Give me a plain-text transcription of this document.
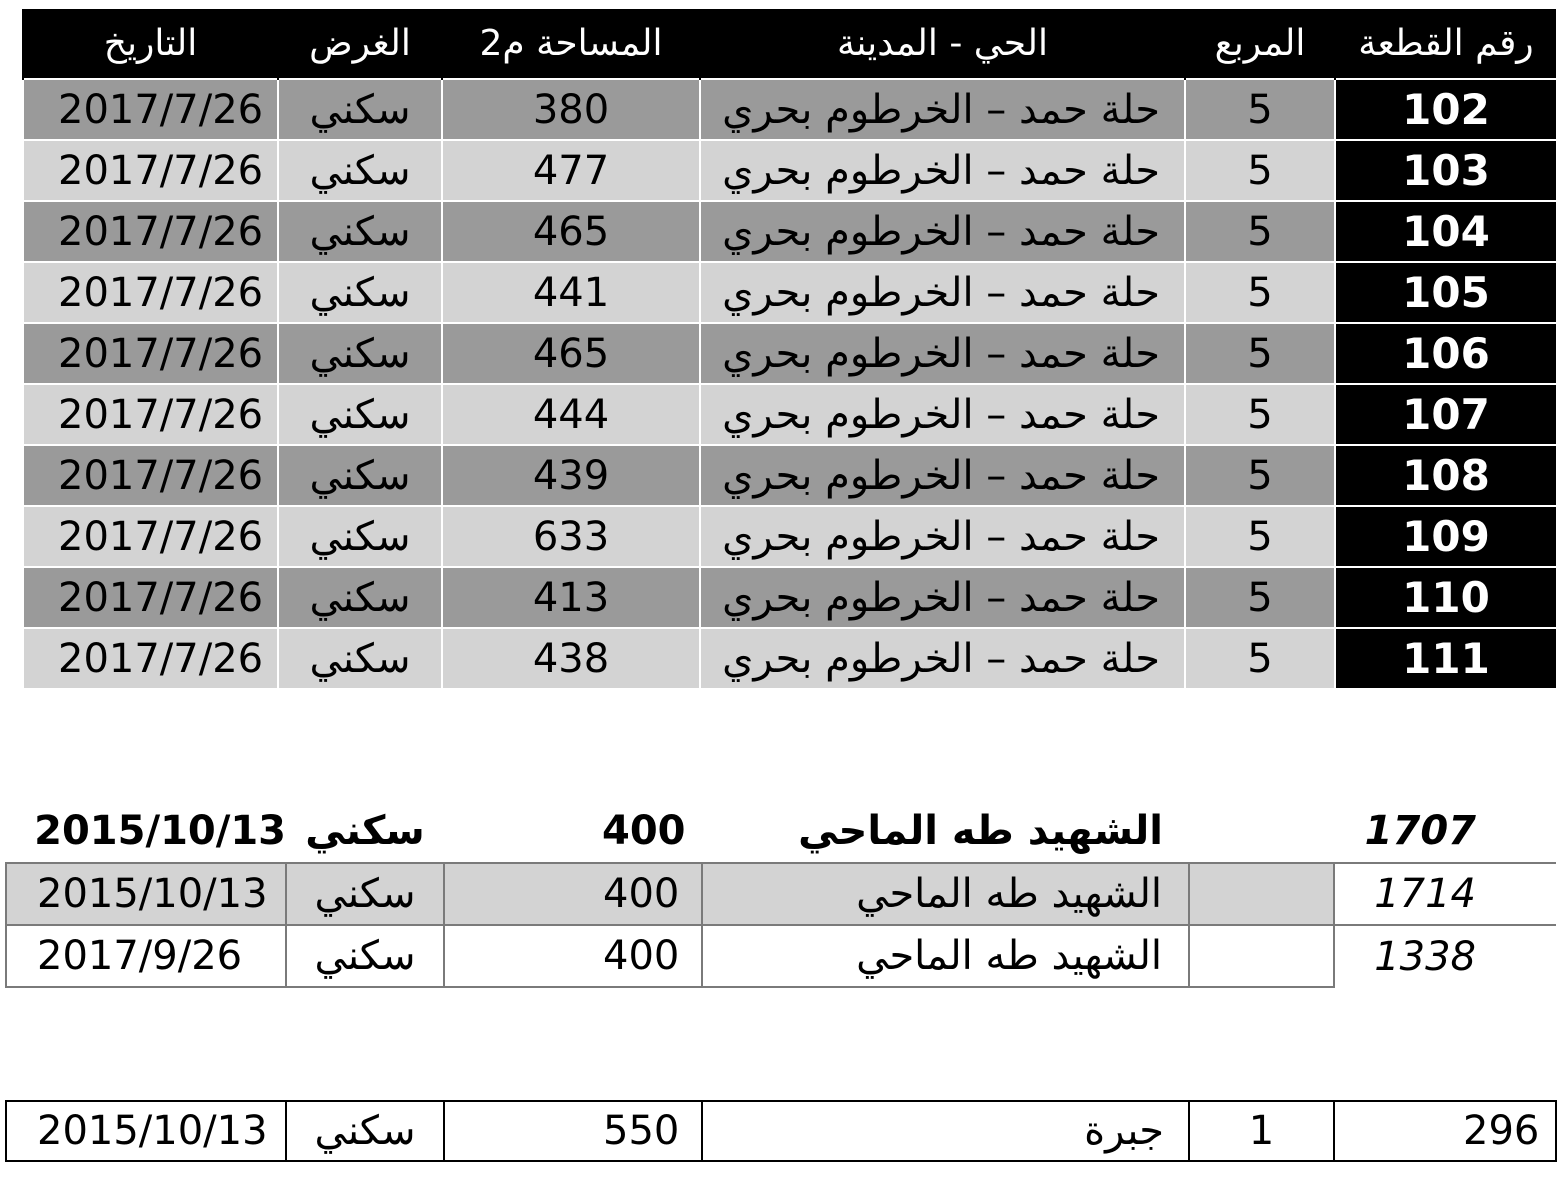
رقم القطعة	المربع	الحي - المدينة	المساحة م2	الغرض	التاريخ
102	5	حلة حمد – الخرطوم بحري	380	سكني	2017/7/26
103	5	حلة حمد – الخرطوم بحري	477	سكني	2017/7/26
104	5	حلة حمد – الخرطوم بحري	465	سكني	2017/7/26
105	5	حلة حمد – الخرطوم بحري	441	سكني	2017/7/26
106	5	حلة حمد – الخرطوم بحري	465	سكني	2017/7/26
107	5	حلة حمد – الخرطوم بحري	444	سكني	2017/7/26
108	5	حلة حمد – الخرطوم بحري	439	سكني	2017/7/26
109	5	حلة حمد – الخرطوم بحري	633	سكني	2017/7/26
110	5	حلة حمد – الخرطوم بحري	413	سكني	2017/7/26
111	5	حلة حمد – الخرطوم بحري	438	سكني	2017/7/26
1707		الشهيد طه الماحي	400	سكني	2015/10/13
1714		الشهيد طه الماحي	400	سكني	2015/10/13
1338		الشهيد طه الماحي	400	سكني	2017/9/26
296	1	جبرة	550	سكني	2015/10/13
